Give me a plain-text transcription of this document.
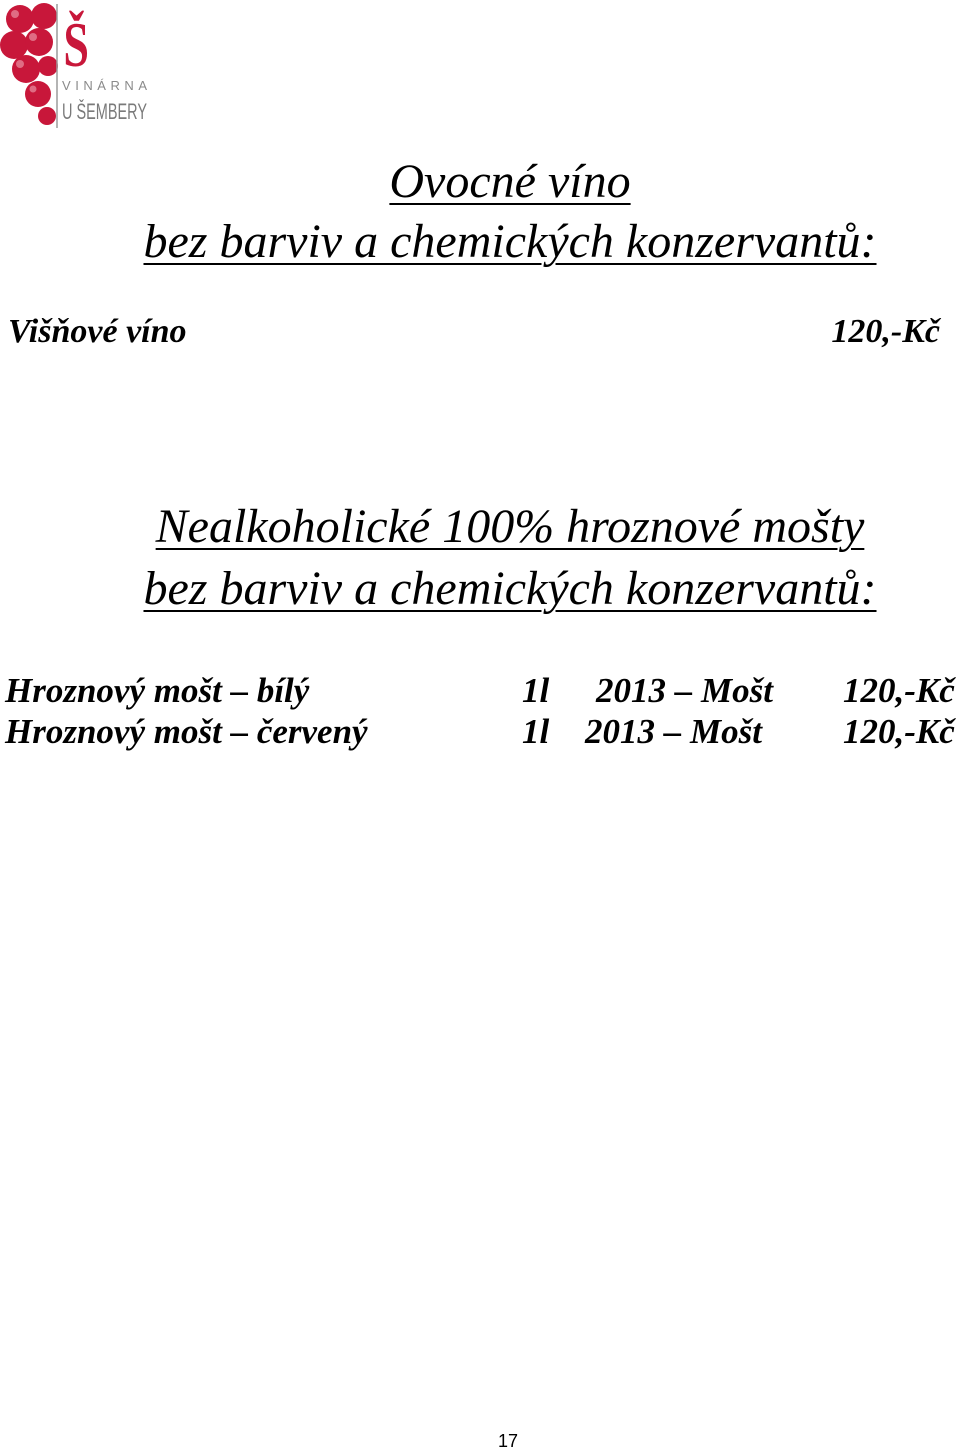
Š
VINÁRNA
U ŠEMBERY
Ovocné víno
bez barviv a chemických konzervantů:

Višňové víno	120,-Kč

Nealkoholické 100% hroznové mošty
bez barviv a chemických konzervantů:

Hroznový mošt – bílý	1l 2013 – Mošt 120,-Kč

Hroznový mošt – červený	1l 2013 – Mošt 120,-Kč

17
